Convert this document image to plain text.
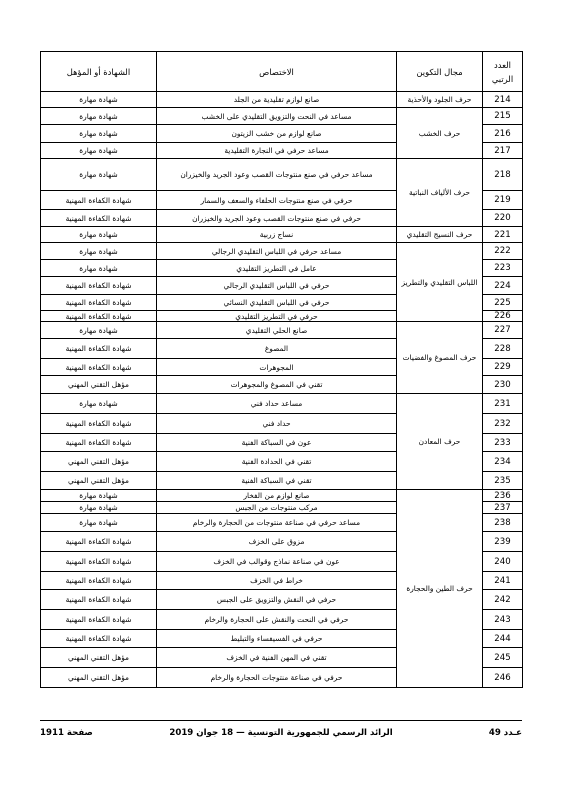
العدد الرتبي	مجال التكوين	الاختصاص	الشهادة أو المؤهل
214	حرف الجلود والأحذية	صانع لوازم تقليدية من الجلد	شهادة مهارة
215	حرف الخشب	مساعد في النحت والتزويق التقليدي على الخشب	شهادة مهارة
216		صانع لوازم من خشب الزيتون	شهادة مهارة
217		مساعد حرفي في النجارة التقليدية	شهادة مهارة
218	حرف الألياف النباتية	مساعد حرفي في صنع منتوجات القصب وعود الجريد والخيزران	شهادة مهارة
219		حرفي في صنع منتوجات الحلفاء والسعف والسمار	شهادة الكفاءة المهنية
220		حرفي في صنع منتوجات القصب وعود الجريد والخيزران	شهادة الكفاءة المهنية
221	حرف النسيج التقليدي	نساج زربية	شهادة مهارة
222	اللباس التقليدي والتطريز	مساعد حرفي في اللباس التقليدي الرجالي	شهادة مهارة
223		عامل في التطريز التقليدي	شهادة مهارة
224		حرفي في اللباس التقليدي الرجالي	شهادة الكفاءة المهنية
225		حرفي في اللباس التقليدي النسائي	شهادة الكفاءة المهنية
226		حرفي في التطريز التقليدي	شهادة الكفاءة المهنية
227	حرف المصوغ والفضيات	صانع الحلي التقليدي	شهادة مهارة
228		المصوغ	شهادة الكفاءة المهنية
229		المجوهرات	شهادة الكفاءة المهنية
230		تقني في المصوغ والمجوهرات	مؤهل التقني المهني
231	حرف المعادن	مساعد حداد فني	شهادة مهارة
232		حداد فني	شهادة الكفاءة المهنية
233		عون في السباكة الفنية	شهادة الكفاءة المهنية
234		تقني في الحدادة الفنية	مؤهل التقني المهني
235		تقني في السباكة الفنية	مؤهل التقني المهني
236	حرف الطين والحجارة	صانع لوازم من الفخار	شهادة مهارة
237		مركب منتوجات من الجبس	شهادة مهارة
238		مساعد حرفي في صناعة منتوجات من الحجارة والرخام	شهادة مهارة
239		مزوق على الخزف	شهادة الكفاءة المهنية
240		عون في صناعة نماذج وقوالب في الخزف	شهادة الكفاءة المهنية
241		خراط في الخزف	شهادة الكفاءة المهنية
242		حرفي في النقش والتزويق على الجبس	شهادة الكفاءة المهنية
243		حرفي في النحت والنقش على الحجارة والرخام	شهادة الكفاءة المهنية
244		حرفي في الفسيفساء والتبليط	شهادة الكفاءة المهنية
245		تقني في المهن الفنية في الخزف	مؤهل التقني المهني
246		حرفي في صناعة منتوجات الحجارة والرخام	مؤهل التقني المهني
صفحة 1911	الرائد الرسمي للجمهورية التونسية — 18 جوان 2019	عـدد 49
